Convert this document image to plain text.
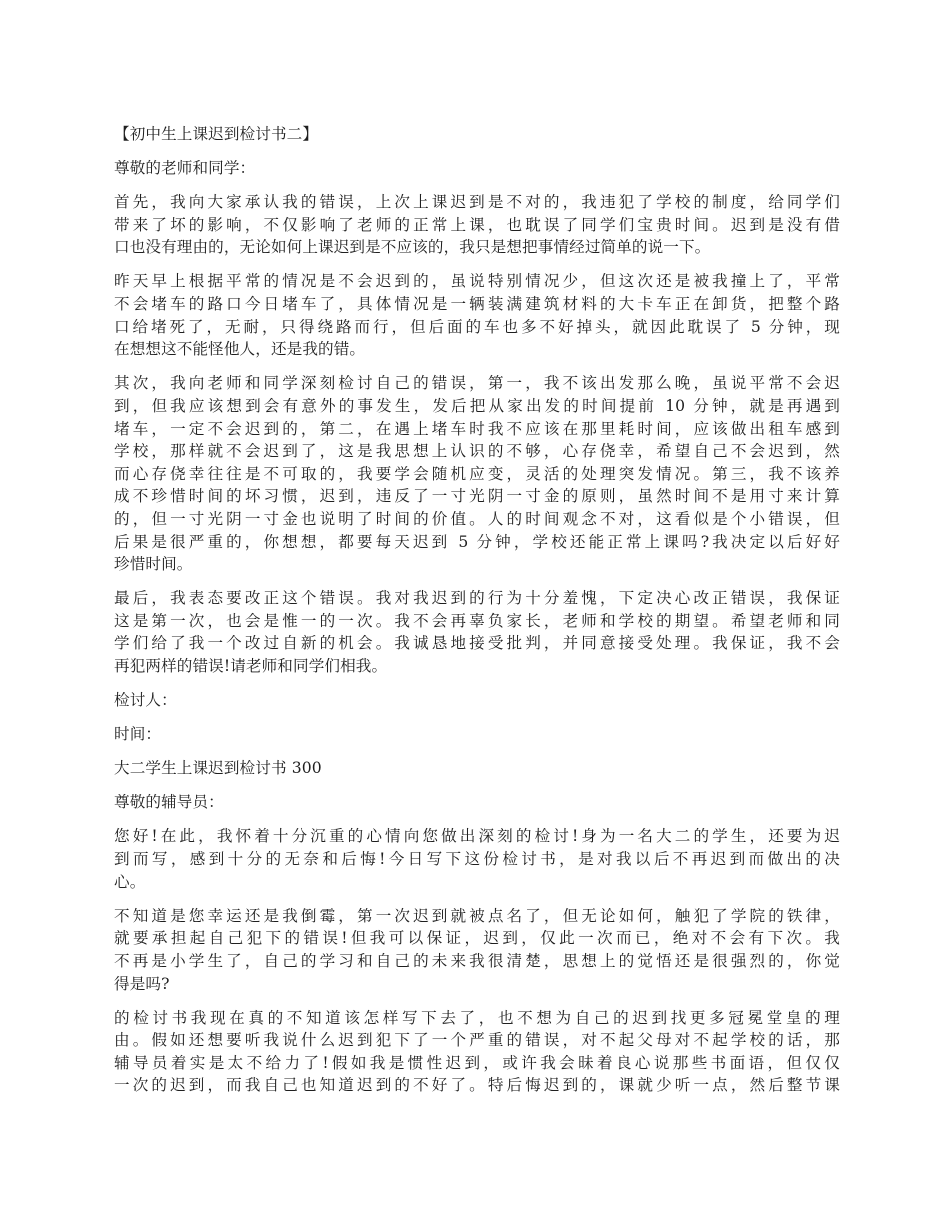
【初中生上课迟到检讨书二】

尊敬的老师和同学：

首先，我向大家承认我的错误，上次上课迟到是不对的，我违犯了学校的制度，给同学们
带来了坏的影响，不仅影响了老师的正常上课，也耽误了同学们宝贵时间。迟到是没有借
口也没有理由的，无论如何上课迟到是不应该的，我只是想把事情经过简单的说一下。

昨天早上根据平常的情况是不会迟到的，虽说特别情况少，但这次还是被我撞上了，平常
不会堵车的路口今日堵车了，具体情况是一辆装满建筑材料的大卡车正在卸货，把整个路
口给堵死了，无耐，只得绕路而行，但后面的车也多不好掉头，就因此耽误了 5 分钟，现
在想想这不能怪他人，还是我的错。

其次，我向老师和同学深刻检讨自己的错误，第一，我不该出发那么晚，虽说平常不会迟
到，但我应该想到会有意外的事发生，发后把从家出发的时间提前 10 分钟，就是再遇到
堵车，一定不会迟到的，第二，在遇上堵车时我不应该在那里耗时间，应该做出租车感到
学校，那样就不会迟到了，这是我思想上认识的不够，心存侥幸，希望自己不会迟到，然
而心存侥幸往往是不可取的，我要学会随机应变，灵活的处理突发情况。第三，我不该养
成不珍惜时间的坏习惯，迟到，违反了一寸光阴一寸金的原则，虽然时间不是用寸来计算
的，但一寸光阴一寸金也说明了时间的价值。人的时间观念不对，这看似是个小错误，但
后果是很严重的，你想想，都要每天迟到 5 分钟，学校还能正常上课吗?我决定以后好好
珍惜时间。

最后，我表态要改正这个错误。我对我迟到的行为十分羞愧，下定决心改正错误，我保证
这是第一次，也会是惟一的一次。我不会再辜负家长，老师和学校的期望。希望老师和同
学们给了我一个改过自新的机会。我诚恳地接受批判，并同意接受处理。我保证，我不会
再犯两样的错误!请老师和同学们相我。

检讨人：

时间：

大二学生上课迟到检讨书 300

尊敬的辅导员：

您好!在此，我怀着十分沉重的心情向您做出深刻的检讨!身为一名大二的学生，还要为迟
到而写，感到十分的无奈和后悔!今日写下这份检讨书，是对我以后不再迟到而做出的决
心。

不知道是您幸运还是我倒霉，第一次迟到就被点名了，但无论如何，触犯了学院的铁律，
就要承担起自己犯下的错误!但我可以保证，迟到，仅此一次而已，绝对不会有下次。我
不再是小学生了，自己的学习和自己的未来我很清楚，思想上的觉悟还是很强烈的，你觉
得是吗?

的检讨书我现在真的不知道该怎样写下去了，也不想为自己的迟到找更多冠冕堂皇的理
由。假如还想要听我说什么迟到犯下了一个严重的错误，对不起父母对不起学校的话，那
辅导员着实是太不给力了!假如我是惯性迟到，或许我会昧着良心说那些书面语，但仅仅
一次的迟到，而我自己也知道迟到的不好了。特后悔迟到的，课就少听一点，然后整节课
